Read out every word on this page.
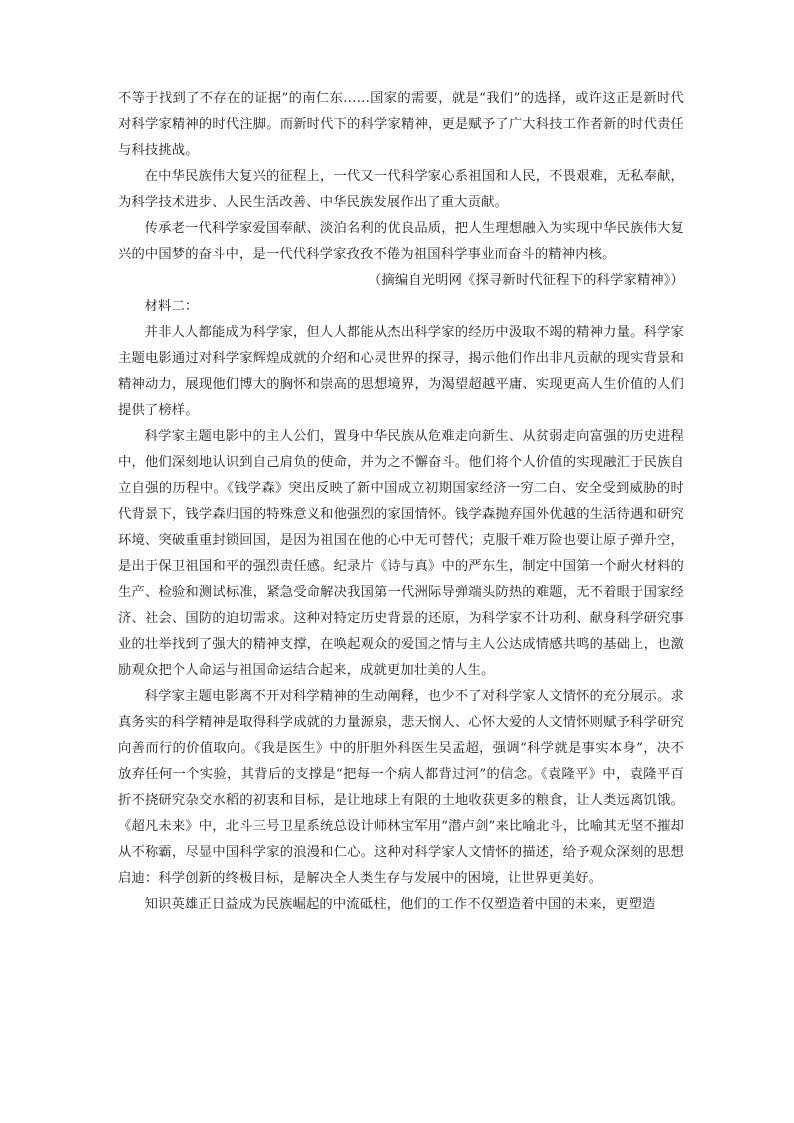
不等于找到了不存在的证据”的南仁东……国家的需要，就是“我们”的选择，或许这正是新时代对科学家精神的时代注脚。而新时代下的科学家精神，更是赋予了广大科技工作者新的时代责任与科技挑战。

在中华民族伟大复兴的征程上，一代又一代科学家心系祖国和人民，不畏艰难，无私奉献，为科学技术进步、人民生活改善、中华民族发展作出了重大贡献。

传承老一代科学家爱国奉献、淡泊名利的优良品质，把人生理想融入为实现中华民族伟大复兴的中国梦的奋斗中，是一代代科学家孜孜不倦为祖国科学事业而奋斗的精神内核。

（摘编自光明网《探寻新时代征程下的科学家精神》）

材料二：

并非人人都能成为科学家，但人人都能从杰出科学家的经历中汲取不竭的精神力量。科学家主题电影通过对科学家辉煌成就的介绍和心灵世界的探寻，揭示他们作出非凡贡献的现实背景和精神动力，展现他们博大的胸怀和崇高的思想境界，为渴望超越平庸、实现更高人生价值的人们提供了榜样。

科学家主题电影中的主人公们，置身中华民族从危难走向新生、从贫弱走向富强的历史进程中，他们深刻地认识到自己肩负的使命，并为之不懈奋斗。他们将个人价值的实现融汇于民族自立自强的历程中。《钱学森》突出反映了新中国成立初期国家经济一穷二白、安全受到威胁的时代背景下，钱学森归国的特殊意义和他强烈的家国情怀。钱学森抛弃国外优越的生活待遇和研究环境、突破重重封锁回国，是因为祖国在他的心中无可替代；克服千难万险也要让原子弹升空，是出于保卫祖国和平的强烈责任感。纪录片《诗与真》中的严东生，制定中国第一个耐火材料的生产、检验和测试标准，紧急受命解决我国第一代洲际导弹端头防热的难题，无不着眼于国家经济、社会、国防的迫切需求。这种对特定历史背景的还原，为科学家不计功利、献身科学研究事业的壮举找到了强大的精神支撑，在唤起观众的爱国之情与主人公达成情感共鸣的基础上，也激励观众把个人命运与祖国命运结合起来，成就更加壮美的人生。

科学家主题电影离不开对科学精神的生动阐释，也少不了对科学家人文情怀的充分展示。求真务实的科学精神是取得科学成就的力量源泉，悲天悯人、心怀大爱的人文情怀则赋予科学研究向善而行的价值取向。《我是医生》中的肝胆外科医生吴孟超，强调“科学就是事实本身”，决不放弃任何一个实验，其背后的支撑是“把每一个病人都背过河”的信念。《袁隆平》中，袁隆平百折不挠研究杂交水稻的初衷和目标，是让地球上有限的土地收获更多的粮食，让人类远离饥饿。《超凡未来》中，北斗三号卫星系统总设计师林宝军用“潜卢剑”来比喻北斗，比喻其无坚不摧却从不称霸，尽显中国科学家的浪漫和仁心。这种对科学家人文情怀的描述，给予观众深刻的思想启迪：科学创新的终极目标，是解决全人类生存与发展中的困境，让世界更美好。

知识英雄正日益成为民族崛起的中流砥柱，他们的工作不仅塑造着中国的未来，更塑造
